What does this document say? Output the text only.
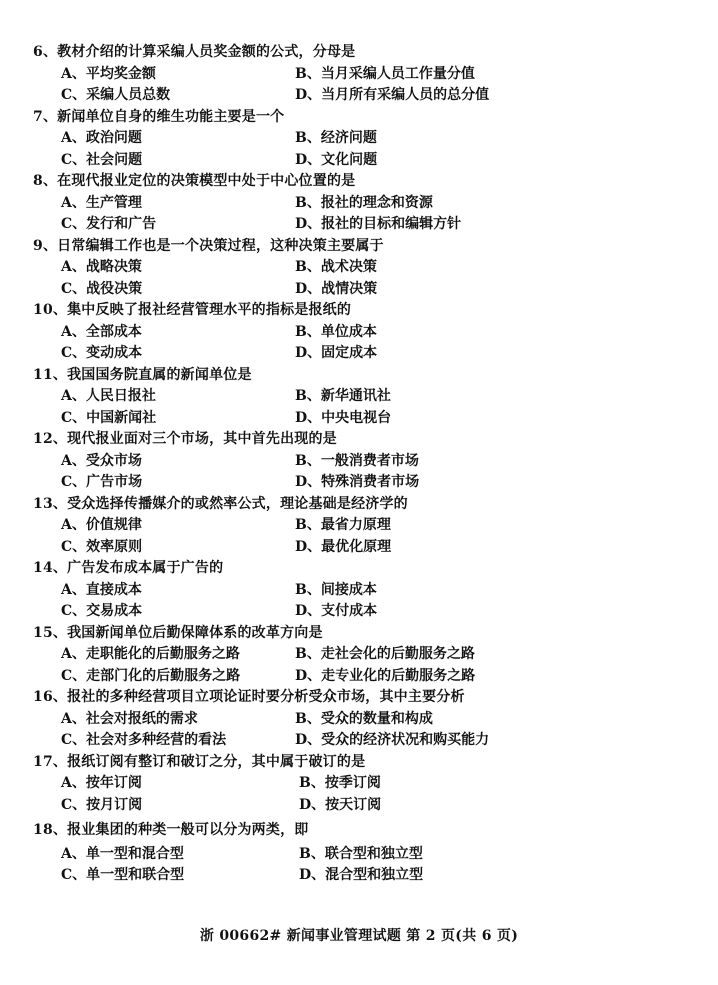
6、教材介绍的计算采编人员奖金额的公式，分母是
A、平均奖金额	B、当月采编人员工作量分值
C、采编人员总数	D、当月所有采编人员的总分值
7、新闻单位自身的维生功能主要是一个
A、政治问题	B、经济问题
C、社会问题	D、文化问题
8、在现代报业定位的决策模型中处于中心位置的是
A、生产管理	B、报社的理念和资源
C、发行和广告	D、报社的目标和编辑方针
9、日常编辑工作也是一个决策过程，这种决策主要属于
A、战略决策	B、战术决策
C、战役决策	D、战情决策
10、集中反映了报社经营管理水平的指标是报纸的
A、全部成本	B、单位成本
C、变动成本	D、固定成本
11、我国国务院直属的新闻单位是
A、人民日报社	B、新华通讯社
C、中国新闻社	D、中央电视台
12、现代报业面对三个市场，其中首先出现的是
A、受众市场	B、一般消费者市场
C、广告市场	D、特殊消费者市场
13、受众选择传播媒介的或然率公式，理论基础是经济学的
A、价值规律	B、最省力原理
C、效率原则	D、最优化原理
14、广告发布成本属于广告的
A、直接成本	B、间接成本
C、交易成本	D、支付成本
15、我国新闻单位后勤保障体系的改革方向是
A、走职能化的后勤服务之路	B、走社会化的后勤服务之路
C、走部门化的后勤服务之路	D、走专业化的后勤服务之路
16、报社的多种经营项目立项论证时要分析受众市场，其中主要分析
A、社会对报纸的需求	B、受众的数量和构成
C、社会对多种经营的看法	D、受众的经济状况和购买能力
17、报纸订阅有整订和破订之分，其中属于破订的是
A、按年订阅	B、按季订阅
C、按月订阅	D、按天订阅
18、报业集团的种类一般可以分为两类，即
A、单一型和混合型	B、联合型和独立型
C、单一型和联合型	D、混合型和独立型
浙 00662# 新闻事业管理试题 第 2 页(共 6 页)
